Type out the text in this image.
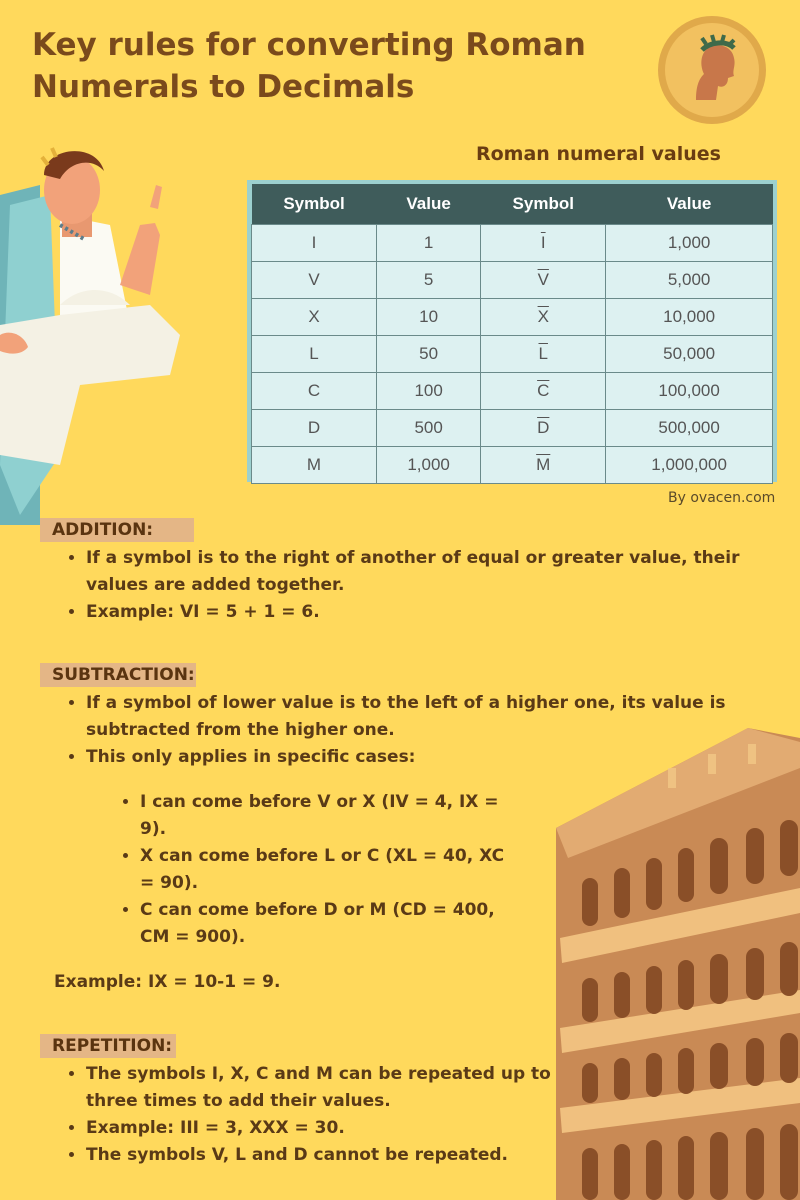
Key rules for converting Roman Numerals to Decimals
Roman numeral values
Symbol	Value	Symbol	Value
I	1	$\overline{I}$	1,000
V	5	$\overline{V}$	5,000
X	10	$\overline{X}$	10,000
L	50	$\overline{L}$	50,000
C	100	$\overline{C}$	100,000
D	500	$\overline{D}$	500,000
M	1,000	$\overline{M}$	1,000,000
By ovacen.com
ADDITION:
• If a symbol is to the right of another of equal or greater value, their values are added together.
• Example: VI = 5 + 1 = 6.
SUBTRACTION:
• If a symbol of lower value is to the left of a higher one, its value is subtracted from the higher one.
• This only applies in specific cases:
• I can come before V or X (IV = 4, IX = 9).
• X can come before L or C (XL = 40, XC = 90).
• C can come before D or M (CD = 400, CM = 900).
Example: IX = 10-1 = 9.
REPETITION:
• The symbols I, X, C and M can be repeated up to three times to add their values.
• Example: III = 3, XXX = 30.
• The symbols V, L and D cannot be repeated.
